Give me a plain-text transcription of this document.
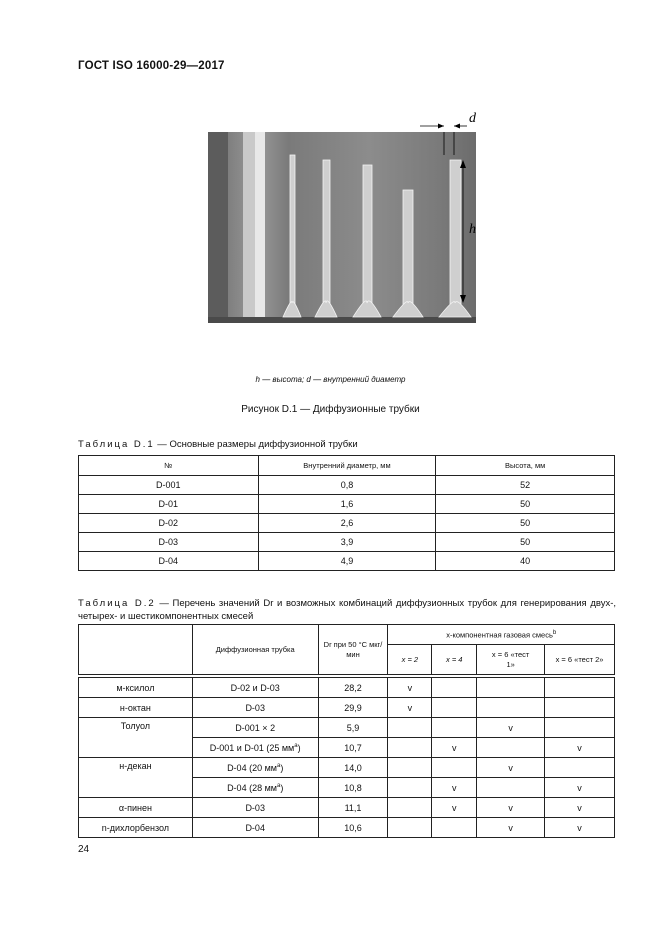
ГОСТ ISO 16000-29—2017
d
h
h — высота; d — внутренний диаметр
Рисунок D.1 — Диффузионные трубки
Таблица D.1 — Основные размеры диффузионной трубки
№	Внутренний диаметр, мм	Высота, мм
D-001	0,8	52
D-01	1,6	50
D-02	2,6	50
D-03	3,9	50
D-04	4,9	40
Таблица D.2 — Перечень значений Dr и возможных комбинаций диффузионных трубок для генерирования двух-, четырех- и шестикомпонентных смесей
	Диффузионная трубка	Dr при 50 °С мкг/мин	x-компонентная газовая смесь$^b$
			x = 2	x = 4	x = 6 «тест 1»	x = 6 «тест 2»

м-ксилол	D-02 и D-03	28,2	v			
н-октан	D-03	29,9	v			
Толуол	D-001 × 2	5,9			v	
	D-001 и D-01 (25 $мм^а$)	10,7		v		v
н-декан	D-04 (20 $мм^а$)	14,0			v	
	D-04 (28 $мм^а$)	10,8		v		v
α-пинен	D-03	11,1		v	v	v
n-дихлорбензол	D-04	10,6			v	v
24
